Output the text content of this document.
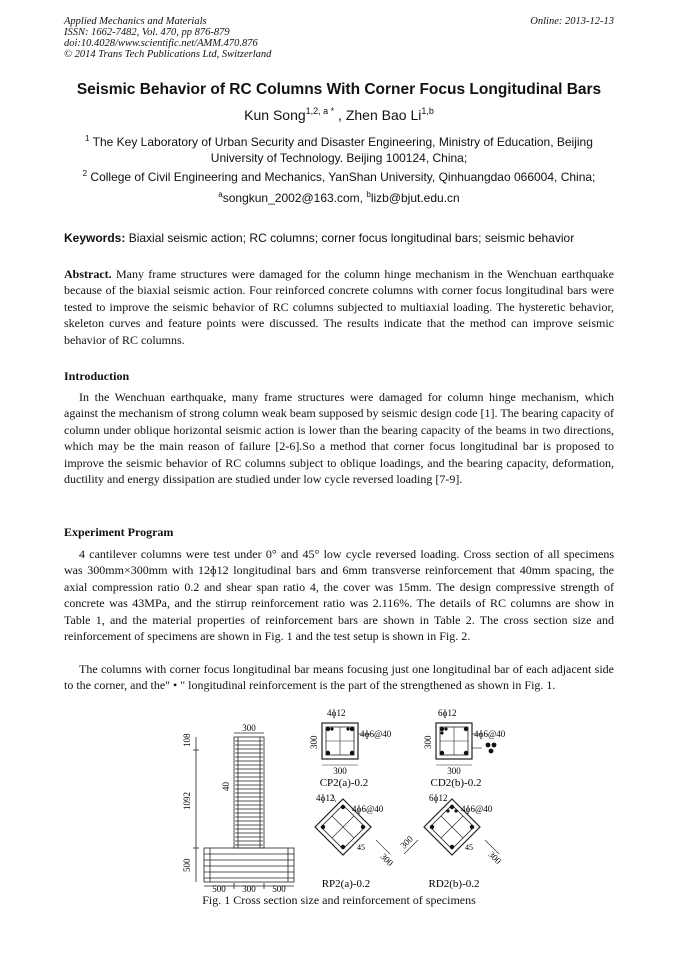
Applied Mechanics and Materials
ISSN: 1662-7482, Vol. 470, pp 876-879
doi:10.4028/www.scientific.net/AMM.470.876
© 2014 Trans Tech Publications Ltd, Switzerland
Online: 2013-12-13
Seismic Behavior of RC Columns With Corner Focus Longitudinal Bars
Kun Song$^{1,2, a *}$ , Zhen Bao Li$^{1,b}$
$^1$ The Key Laboratory of Urban Security and Disaster Engineering, Ministry of Education, Beijing
University of Technology. Beijing 100124, China;
$^2$ College of Civil Engineering and Mechanics, YanShan University, Qinhuangdao 066004, China;
$^a$songkun_2002@163.com, $^b$lizb@bjut.edu.cn
Keywords: Biaxial seismic action; RC columns; corner focus longitudinal bars; seismic behavior
Abstract. Many frame structures were damaged for the column hinge mechanism in the Wenchuan earthquake because of the biaxial seismic action. Four reinforced concrete columns with corner focus longitudinal bars were tested to improve the seismic behavior of RC columns subjected to multiaxial loading. The hysteretic behavior, skeleton curves and feature points were discussed. The results indicate that the method can improve seismic behavior of RC columns.
Introduction
In the Wenchuan earthquake, many frame structures were damaged for column hinge mechanism, which against the mechanism of strong column weak beam supposed by seismic design code [1]. The bearing capacity of column under oblique horizontal seismic action is lower than the bearing capacity of the beams in two directions, which may be the main reason of failure [2-6].So a method that corner focus longitudinal bar is proposed to improve the seismic behavior of RC columns subject to oblique loadings, and the bearing capacity, deformation, ductility and energy dissipation are studied under low cycle reversed loading [7-9].
Experiment Program
4 cantilever columns were test under 0° and 45° low cycle reversed loading. Cross section of all specimens was 300mm×300mm with 12ɸ12 longitudinal bars and 6mm transverse reinforcement that 40mm spacing, the axial compression ratio 0.2 and shear span ratio 4, the cover was 15mm. The design compressive strength of concrete was 43MPa, and the stirrup reinforcement ratio was 2.116%. The details of RC columns are show in Table 1, and the material properties of reinforcement bars are shown in Table 2. The cross section size and reinforcement of specimens are shown in Fig. 1 and the test setup is shown in Fig. 2.
The columns with corner focus longitudinal bar means focusing just one longitudinal bar of each adjacent side to the corner, and the" • " longitudinal reinforcement is the part of the strengthened as shown in Fig. 1.
300
108
1092
500
40
500 300 500
4ɸ12
4ɸ6@40
300
300
CP2(a)-0.2
6ɸ12
4ɸ6@40
300
300
CD2(b)-0.2
4ɸ12
4ɸ6@40
45
300
RP2(a)-0.2
6ɸ12
4ɸ6@40
45
300
300
RD2(b)-0.2
Fig. 1 Cross section size and reinforcement of specimens
